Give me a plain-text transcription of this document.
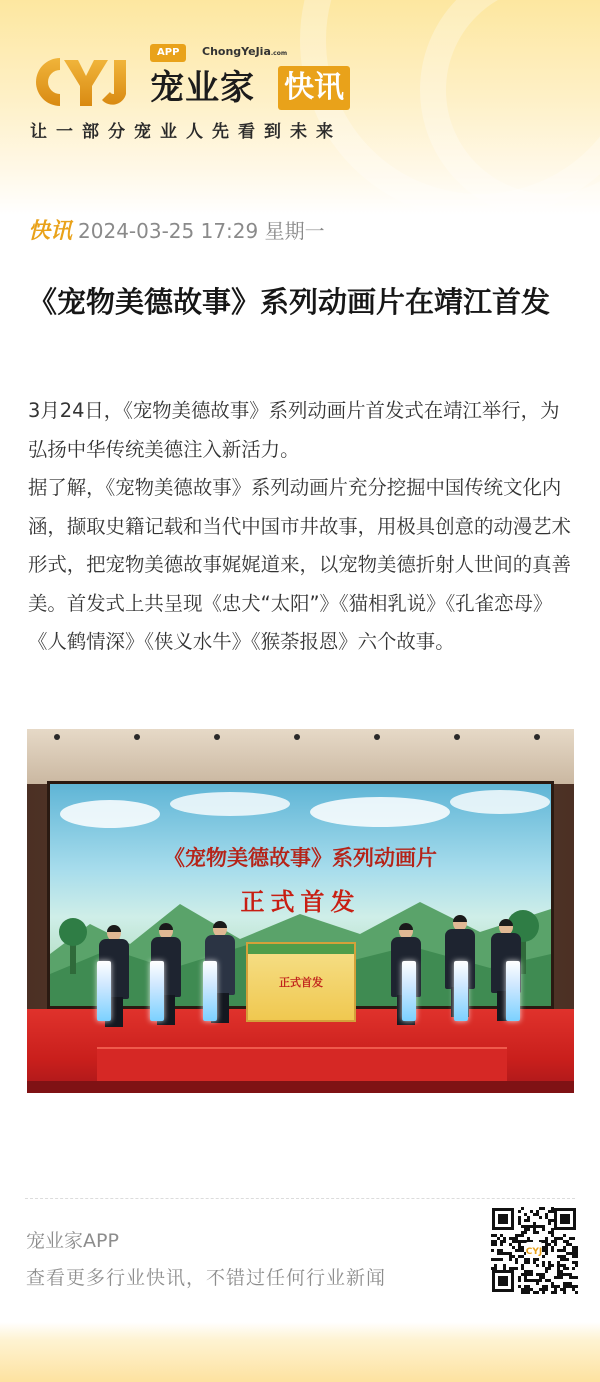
APP	ChongYeJia.com
宠业家 快讯
让一部分宠业人先看到未来
快讯 2024-03-25 17:29 星期一
《宠物美德故事》系列动画片在靖江首发

3月24日，《宠物美德故事》系列动画片首发式在靖江举行，为弘扬中华传统美德注入新活力。

据了解，《宠物美德故事》系列动画片充分挖掘中国传统文化内涵，撷取史籍记载和当代中国市井故事，用极具创意的动漫艺术形式，把宠物美德故事娓娓道来，以宠物美德折射人世间的真善美。首发式上共呈现《忠犬“太阳”》《猫相乳说》《孔雀恋母》《人鹤情深》《侠义水牛》《猴荼报恩》六个故事。

《宠物美德故事》系列动画片
正式首发
正式首发
宠业家APP
查看更多行业快讯，不错过任何行业新闻
CYJ
